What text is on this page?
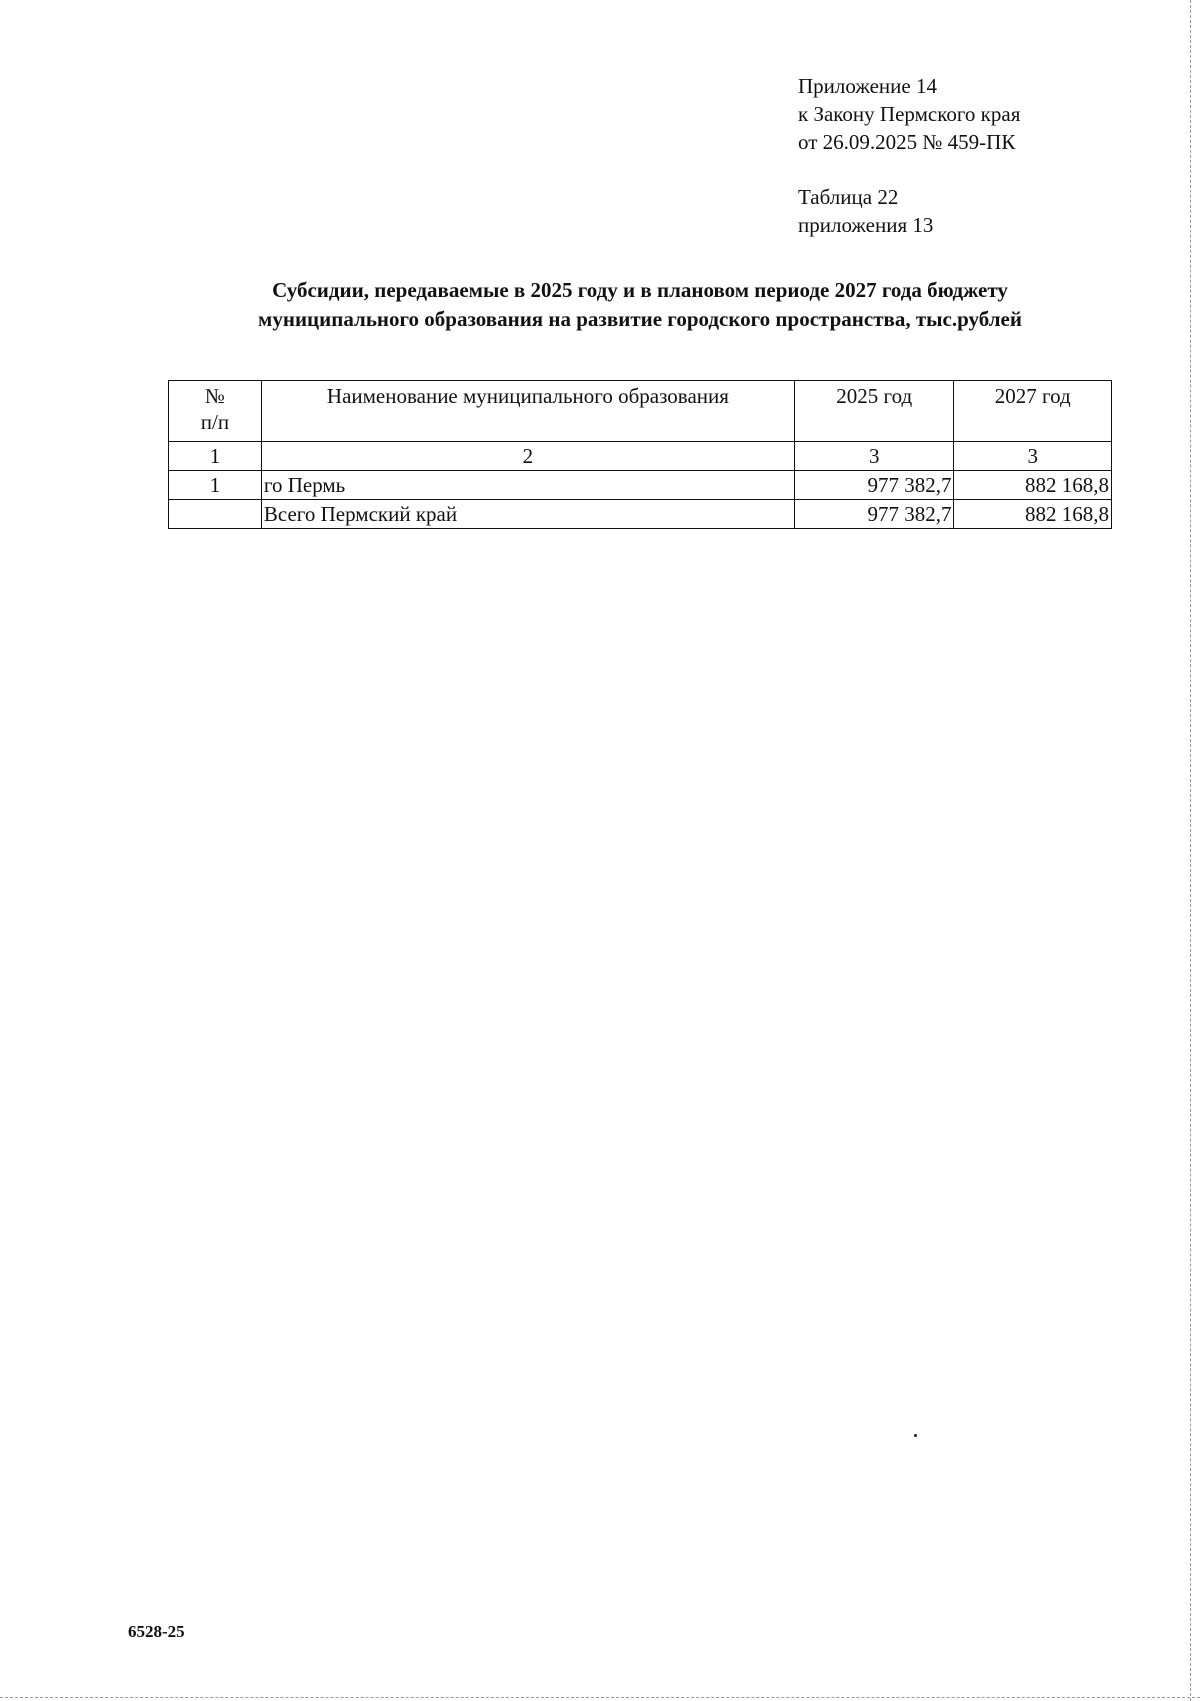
Приложение 14
к Закону Пермского края
от 26.09.2025 № 459-ПК
Таблица 22
приложения 13
Субсидии, передаваемые в 2025 году и в плановом периоде 2027 года бюджету
муниципального образования на развитие городского пространства, тыс.рублей
№
п/п	Наименование муниципального образования	2025 год	2027 год
1	2	3	3
1	го Пермь	977 382,7	882 168,8
	Всего Пермский край	977 382,7	882 168,8
6528-25
